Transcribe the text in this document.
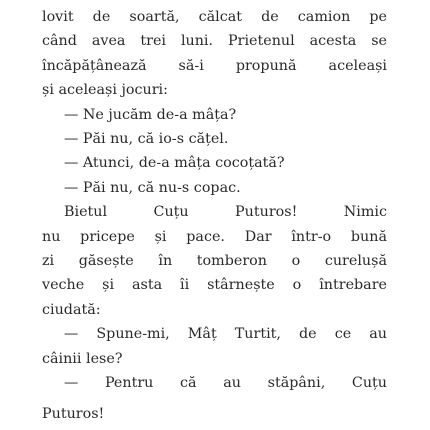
lovit de soartă, călcat de camion pe
când avea trei luni. Prietenul acesta se
încăpățânează să-i propună aceleași
și aceleași jocuri:
— Ne jucăm de-a mâța?
— Păi nu, că io-s cățel.
— Atunci, de-a mâța cocoțată?
— Păi nu, că nu-s copac.
Bietul Cuțu Puturos! Nimic
nu pricepe și pace. Dar într-o bună
zi găsește în tomberon o curelușă
veche și asta îi stârnește o întrebare
ciudată:
— Spune-mi, Mâț Turtit, de ce au
câinii lese?
— Pentru că au stăpâni, Cuțu
Puturos!
